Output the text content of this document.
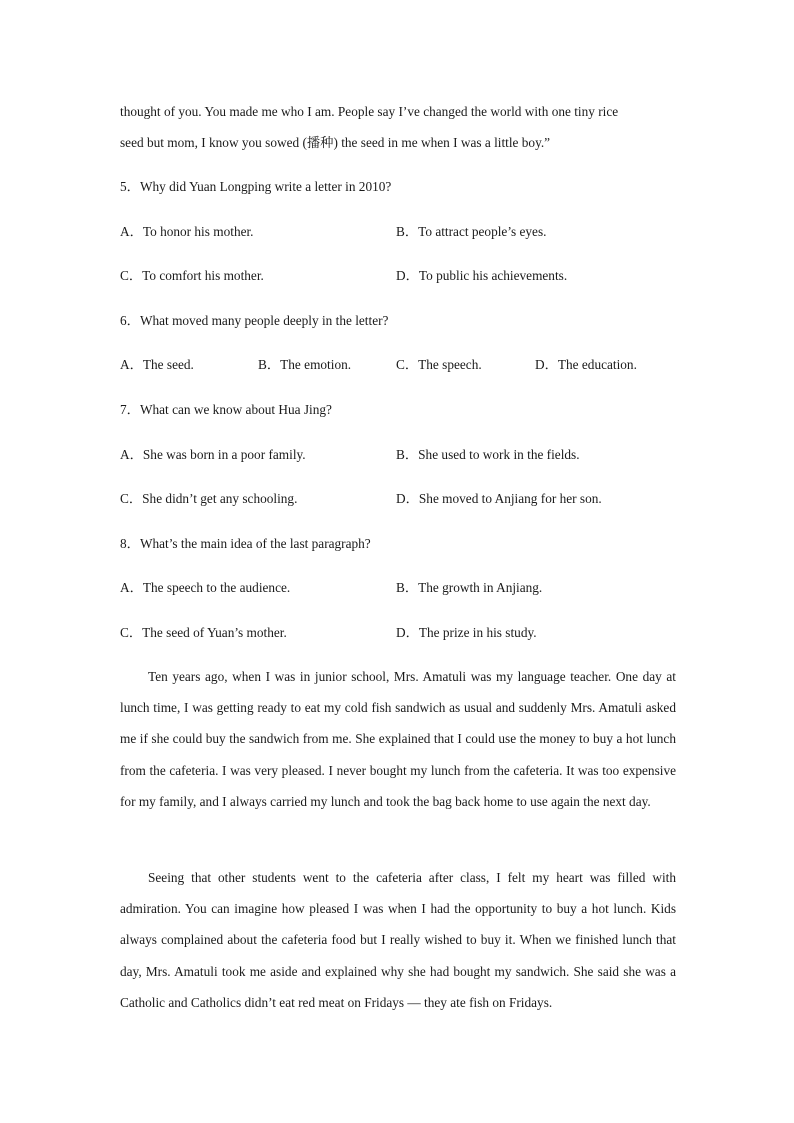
thought of you. You made me who I am. People say I’ve changed the world with one tiny rice
seed but mom, I know you sowed (播种) the seed in me when I was a little boy.”
5．Why did Yuan Longping write a letter in 2010?
A．To honor his mother.	B．To attract people’s eyes.
C．To comfort his mother.	D．To public his achievements.
6．What moved many people deeply in the letter?
A．The seed.	B．The emotion.	C．The speech.	D．The education.
7．What can we know about Hua Jing?
A．She was born in a poor family.	B．She used to work in the fields.
C．She didn’t get any schooling.	D．She moved to Anjiang for her son.
8．What’s the main idea of the last paragraph?
A．The speech to the audience.	B．The growth in Anjiang.
C．The seed of Yuan’s mother.	D．The prize in his study.

Ten years ago, when I was in junior school, Mrs. Amatuli was my language teacher. One day at lunch time, I was getting ready to eat my cold fish sandwich as usual and suddenly Mrs. Amatuli asked me if she could buy the sandwich from me. She explained that I could use the money to buy a hot lunch from the cafeteria. I was very pleased. I never bought my lunch from the cafeteria. It was too expensive for my family, and I always carried my lunch and took the bag back home to use again the next day.

Seeing that other students went to the cafeteria after class, I felt my heart was filled with admiration. You can imagine how pleased I was when I had the opportunity to buy a hot lunch. Kids always complained about the cafeteria food but I really wished to buy it. When we finished lunch that day, Mrs. Amatuli took me aside and explained why she had bought my sandwich. She said she was a Catholic and Catholics didn’t eat red meat on Fridays — they ate fish on Fridays.
